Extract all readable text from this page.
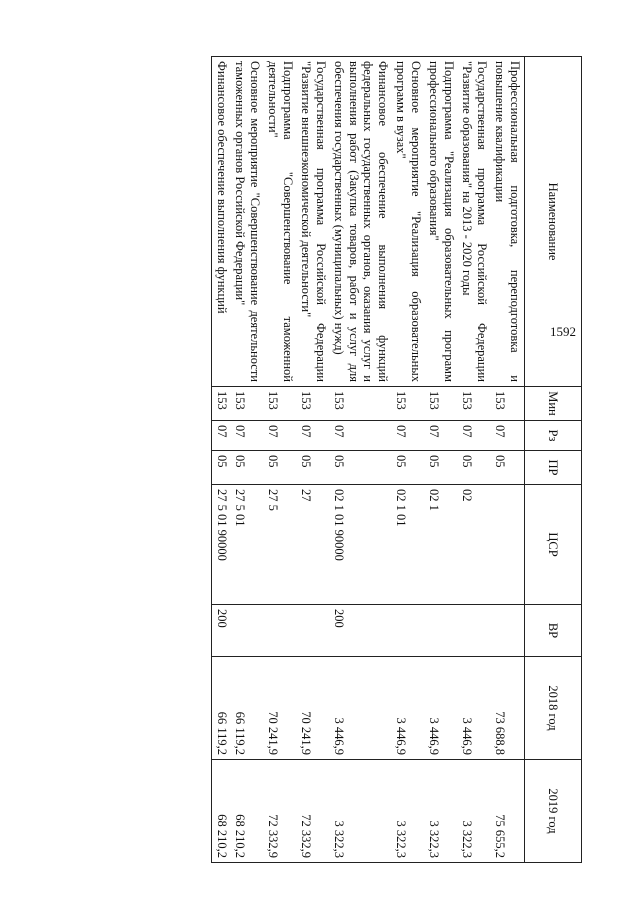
1592
Наименование	Мин	Рз	ПР	ЦСР	ВР	2018 год	2019 год
Профессиональная подготовка, переподготовка и повышение квалификации	153	07	05			73 688,8	75 655,2
Государственная программа Российской Федерации "Развитие образования" на 2013 - 2020 годы	153	07	05	02		3 446,9	3 322,3
Подпрограмма "Реализация образовательных программ профессионального образования"	153	07	05	02 1		3 446,9	3 322,3
Основное мероприятие "Реализация образовательных программ в вузах"	153	07	05	02 1 01		3 446,9	3 322,3
Финансовое обеспечение выполнения функций федеральных государственных органов, оказания услуг и выполнения работ (Закупка товаров, работ и услуг для обеспечения государственных (муниципальных) нужд)	153	07	05	02 1 01 90000	200	3 446,9	3 322,3
Государственная программа Российской Федерации "Развитие внешнеэкономической деятельности"	153	07	05	27		70 241,9	72 332,9
Подпрограмма "Совершенствование таможенной деятельности"	153	07	05	27 5		70 241,9	72 332,9
Основное мероприятие "Совершенствование деятельности таможенных органов Российской Федерации"	153	07	05	27 5 01		66 119,2	68 210,2
Финансовое обеспечение выполнения функций	153	07	05	27 5 01 90000	200	66 119,2	68 210,2
